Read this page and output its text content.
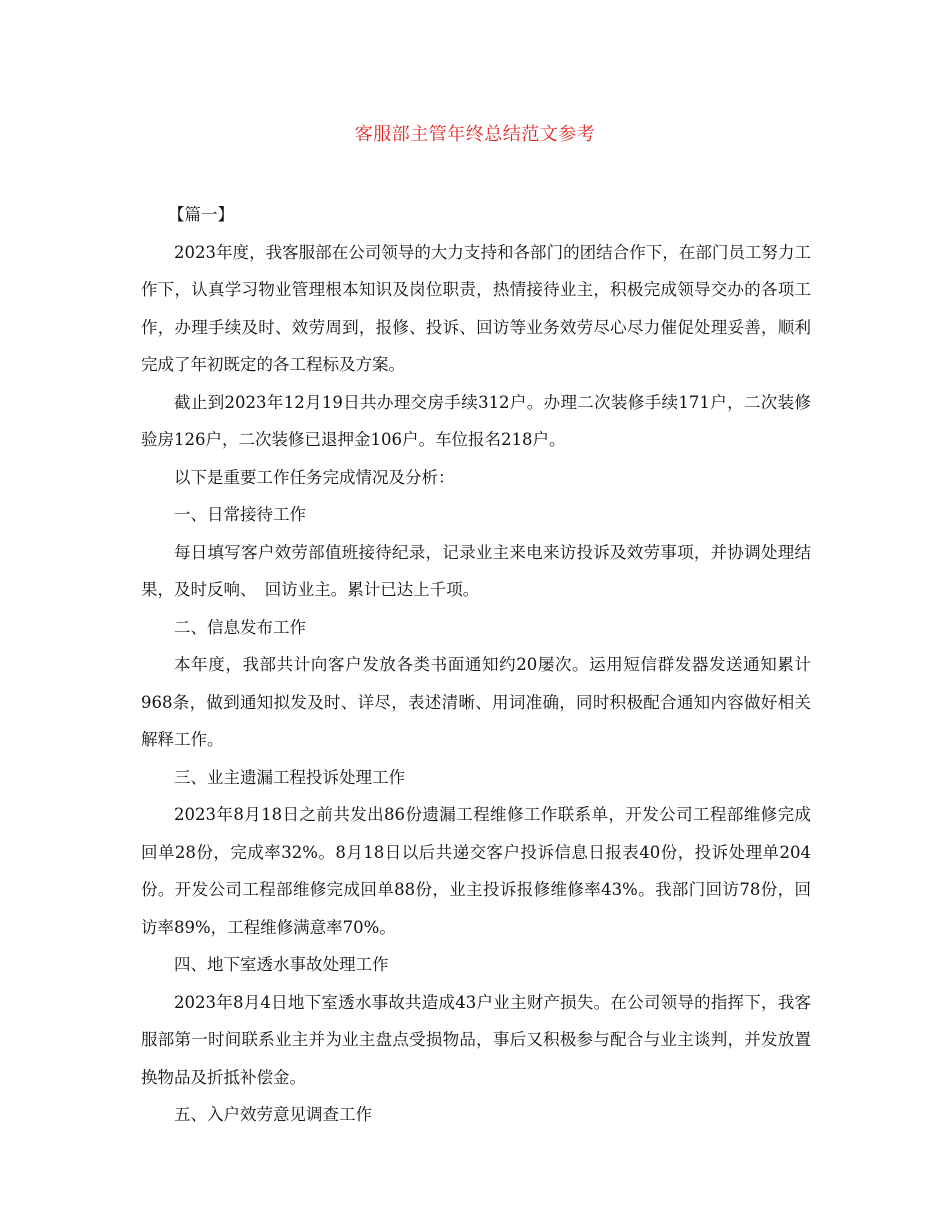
客服部主管年终总结范文参考

【篇一】

2023年度，我客服部在公司领导的大力支持和各部门的团结合作下，在部门员工努力工作下，认真学习物业管理根本知识及岗位职责，热情接待业主，积极完成领导交办的各项工作，办理手续及时、效劳周到，报修、投诉、回访等业务效劳尽心尽力催促处理妥善，顺利完成了年初既定的各工程标及方案。

截止到2023年12月19日共办理交房手续312户。办理二次装修手续171户，二次装修验房126户，二次装修已退押金106户。车位报名218户。

以下是重要工作任务完成情况及分析：

一、日常接待工作

每日填写客户效劳部值班接待纪录，记录业主来电来访投诉及效劳事项，并协调处理结果，及时反响、　回访业主。累计已达上千项。

二、信息发布工作

本年度，我部共计向客户发放各类书面通知约20屡次。运用短信群发器发送通知累计968条，做到通知拟发及时、详尽，表述清晰、用词准确，同时积极配合通知内容做好相关解释工作。

三、业主遗漏工程投诉处理工作

2023年8月18日之前共发出86份遗漏工程维修工作联系单，开发公司工程部维修完成回单28份，完成率32%。8月18日以后共递交客户投诉信息日报表40份，投诉处理单204份。开发公司工程部维修完成回单88份，业主投诉报修维修率43%。我部门回访78份，回访率89%，工程维修满意率70%。

四、地下室透水事故处理工作

2023年8月4日地下室透水事故共造成43户业主财产损失。在公司领导的指挥下，我客服部第一时间联系业主并为业主盘点受损物品，事后又积极参与配合与业主谈判，并发放置换物品及折抵补偿金。

五、入户效劳意见调查工作
